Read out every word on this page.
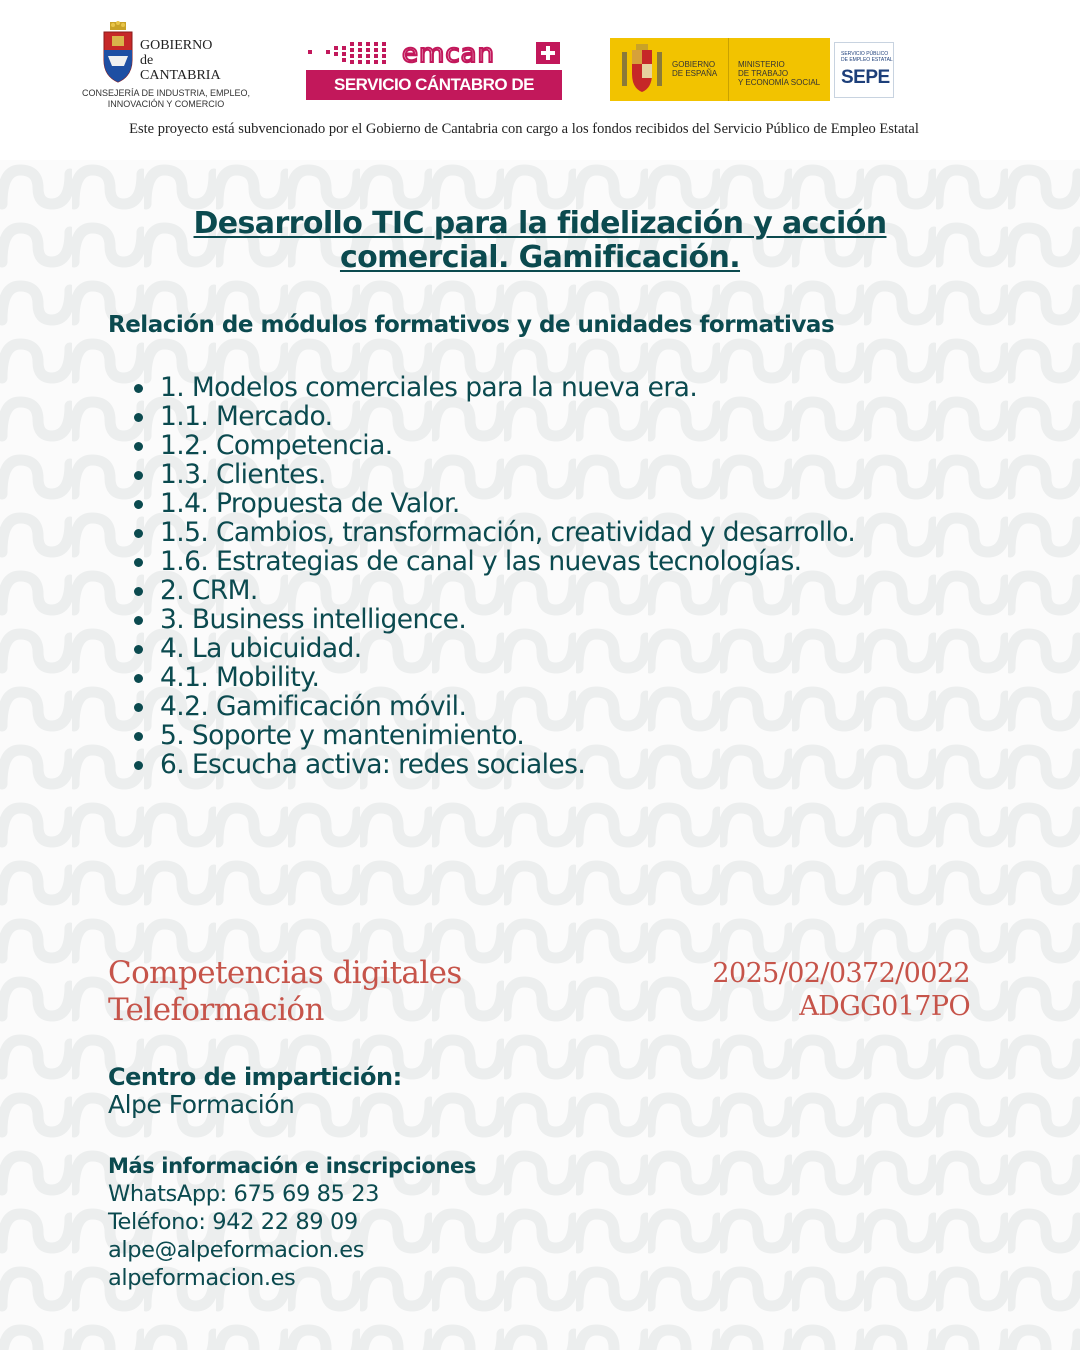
GOBIERNO
de
CANTABRIA
CONSEJERÍA DE INDUSTRIA, EMPLEO,
INNOVACIÓN Y COMERCIO
emcan
SERVICIO CÁNTABRO DE EMPLEO
GOBIERNO
DE ESPAÑA
MINISTERIO
DE TRABAJO
Y ECONOMÍA SOCIAL
SERVICIO PÚBLICO
DE EMPLEO ESTATAL
SEPE
Este proyecto está subvencionado por el Gobierno de Cantabria con cargo a los fondos recibidos del Servicio Público de Empleo Estatal
Desarrollo TIC para la fidelización y acción
comercial. Gamificación.
Relación de módulos formativos y de unidades formativas
1. Modelos comerciales para la nueva era.
1.1. Mercado.
1.2. Competencia.
1.3. Clientes.
1.4. Propuesta de Valor.
1.5. Cambios, transformación, creatividad y desarrollo.
1.6. Estrategias de canal y las nuevas tecnologías.
2. CRM.
3. Business intelligence.
4. La ubicuidad.
4.1. Mobility.
4.2. Gamificación móvil.
5. Soporte y mantenimiento.
6. Escucha activa: redes sociales.
Competencias digitales
Teleformación
2025/02/0372/0022
ADGG017PO
Centro de impartición:
Alpe Formación
Más información e inscripciones
WhatsApp: 675 69 85 23
Teléfono: 942 22 89 09
alpe@alpeformacion.es
alpeformacion.es
